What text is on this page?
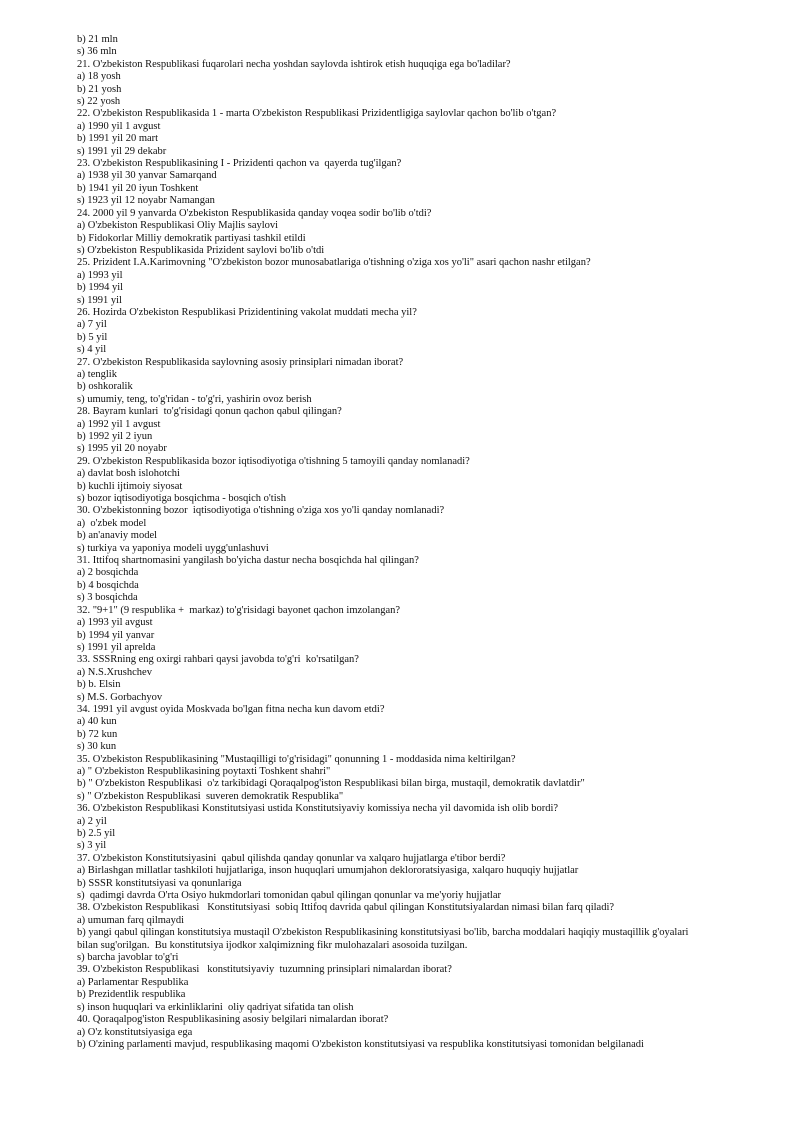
b) 21 mln
s) 36 mln
21. O'zbekiston Respublikasi fuqarolari necha yoshdan saylovda ishtirok etish huquqiga ega bo'ladilar?
a) 18 yosh
b) 21 yosh
s) 22 yosh
22. O'zbekiston Respublikasida 1 - marta O'zbekiston Respublikasi Prizidentligiga saylovlar qachon bo'lib o'tgan?
a) 1990 yil 1 avgust
b) 1991 yil 20 mart
s) 1991 yil 29 dekabr
23. O'zbekiston Respublikasining I - Prizidenti qachon va  qayerda tug'ilgan?
a) 1938 yil 30 yanvar Samarqand
b) 1941 yil 20 iyun Toshkent
s) 1923 yil 12 noyabr Namangan
24. 2000 yil 9 yanvarda O'zbekiston Respublikasida qanday voqea sodir bo'lib o'tdi?
a) O'zbekiston Respublikasi Oliy Majlis saylovi
b) Fidokorlar Milliy demokratik partiyasi tashkil etildi
s) O'zbekiston Respublikasida Prizident saylovi bo'lib o'tdi
25. Prizident I.A.Karimovning "O'zbekiston bozor munosabatlariga o'tishning o'ziga xos yo'li" asari qachon nashr etilgan?
a) 1993 yil
b) 1994 yil
s) 1991 yil
26. Hozirda O'zbekiston Respublikasi Prizidentining vakolat muddati mecha yil?
a) 7 yil
b) 5 yil
s) 4 yil
27. O'zbekiston Respublikasida saylovning asosiy prinsiplari nimadan iborat?
a) tenglik
b) oshkoralik
s) umumiy, teng, to'g'ridan - to'g'ri, yashirin ovoz berish
28. Bayram kunlari  to'g'risidagi qonun qachon qabul qilingan?
a) 1992 yil 1 avgust
b) 1992 yil 2 iyun
s) 1995 yil 20 noyabr
29. O'zbekiston Respublikasida bozor iqtisodiyotiga o'tishning 5 tamoyili qanday nomlanadi?
a) davlat bosh islohotchi
b) kuchli ijtimoiy siyosat
s) bozor iqtisodiyotiga bosqichma - bosqich o'tish
30. O'zbekistonning bozor  iqtisodiyotiga o'tishning o'ziga xos yo'li qanday nomlanadi?
a)  o'zbek model
b) an'anaviy model
s) turkiya va yaponiya modeli uygg'unlashuvi
31. Ittifoq shartnomasini yangilash bo'yicha dastur necha bosqichda hal qilingan?
a) 2 bosqichda
b) 4 bosqichda
s) 3 bosqichda
32. "9+1" (9 respublika +  markaz) to'g'risidagi bayonet qachon imzolangan?
a) 1993 yil avgust
b) 1994 yil yanvar
s) 1991 yil aprelda
33. SSSRning eng oxirgi rahbari qaysi javobda to'g'ri  ko'rsatilgan?
a) N.S.Xrushchev
b) b. Elsin
s) M.S. Gorbachyov
34. 1991 yil avgust oyida Moskvada bo'lgan fitna necha kun davom etdi?
a) 40 kun
b) 72 kun
s) 30 kun
35. O'zbekiston Respublikasining "Mustaqilligi to'g'risidagi" qonunning 1 - moddasida nima keltirilgan?
a) " O'zbekiston Respublikasining poytaxti Toshkent shahri"
b) " O'zbekiston Respublikasi  o'z tarkibidagi Qoraqalpog'iston Respublikasi bilan birga, mustaqil, demokratik davlatdir"
s) " O'zbekiston Respublikasi  suveren demokratik Respublika"
36. O'zbekiston Respublikasi Konstitutsiyasi ustida Konstitutsiyaviy komissiya necha yil davomida ish olib bordi?
a) 2 yil
b) 2.5 yil
s) 3 yil
37. O'zbekiston Konstitutsiyasini  qabul qilishda qanday qonunlar va xalqaro hujjatlarga e'tibor berdi?
a) Birlashgan millatlar tashkiloti hujjatlariga, inson huquqlari umumjahon deklororatsiyasiga, xalqaro huquqiy hujjatlar
b) SSSR konstitutsiyasi va qonunlariga
s)  qadimgi davrda O'rta Osiyo hukmdorlari tomonidan qabul qilingan qonunlar va me'yoriy hujjatlar
38. O'zbekiston Respublikasi   Konstitutsiyasi  sobiq Ittifoq davrida qabul qilingan Konstitutsiyalardan nimasi bilan farq qiladi?
a) umuman farq qilmaydi
b) yangi qabul qilingan konstitutsiya mustaqil O'zbekiston Respublikasining konstitutsiyasi bo'lib, barcha moddalari haqiqiy mustaqillik g'oyalari
bilan sug'orilgan.  Bu konstitutsiya ijodkor xalqimizning fikr mulohazalari asosoida tuzilgan.
s) barcha javoblar to'g'ri
39. O'zbekiston Respublikasi   konstitutsiyaviy  tuzumning prinsiplari nimalardan iborat?
a) Parlamentar Respublika
b) Prezidentlik respublika
s) inson huquqlari va erkinliklarini  oliy qadriyat sifatida tan olish
40. Qoraqalpog'iston Respublikasining asosiy belgilari nimalardan iborat?
a) O'z konstitutsiyasiga ega
b) O'zining parlamenti mavjud, respublikasing maqomi O'zbekiston konstitutsiyasi va respublika konstitutsiyasi tomonidan belgilanadi
